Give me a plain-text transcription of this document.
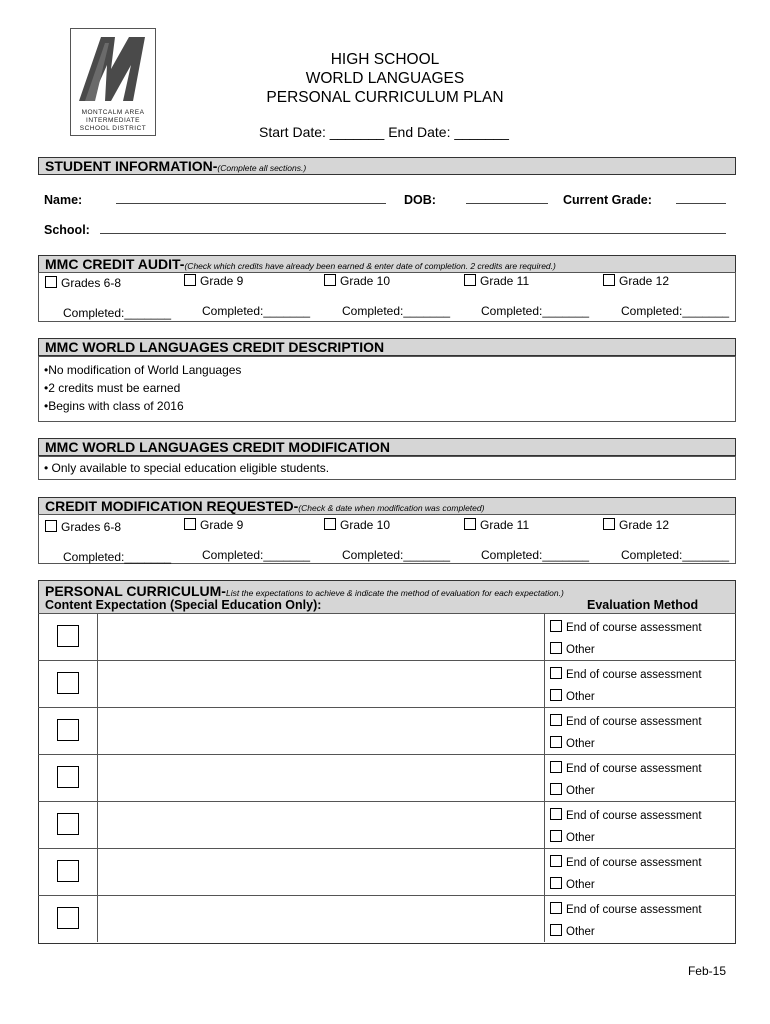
MONTCALM AREA
INTERMEDIATE
SCHOOL DISTRICT
HIGH SCHOOL
WORLD LANGUAGES
PERSONAL CURRICULUM PLAN
Start Date: _______ End Date: _______
STUDENT INFORMATION-(Complete all sections.)
Name:	DOB:	Current Grade:
School:
MMC CREDIT AUDIT-(Check which credits have already been earned & enter date of completion. 2 credits are required.)
Grades 6-8	Grade 9	Grade 10	Grade 11	Grade 12
Completed:_______	Completed:_______	Completed:_______	Completed:_______	Completed:_______
MMC WORLD LANGUAGES CREDIT DESCRIPTION
•No modification of World Languages
•2 credits must be earned
•Begins with class of 2016
MMC WORLD LANGUAGES CREDIT MODIFICATION
• Only available to special education eligible students.
CREDIT MODIFICATION REQUESTED-(Check & date when modification was completed)
Grades 6-8	Grade 9	Grade 10	Grade 11	Grade 12
Completed:_______	Completed:_______	Completed:_______	Completed:_______	Completed:_______
PERSONAL CURRICULUM-List the expectations to achieve & indicate the method of evaluation for each expectation.)
Content Expectation (Special Education Only):	Evaluation Method
End of course assessment
Other
End of course assessment
Other
End of course assessment
Other
End of course assessment
Other
End of course assessment
Other
End of course assessment
Other
End of course assessment
Other
Feb-15
